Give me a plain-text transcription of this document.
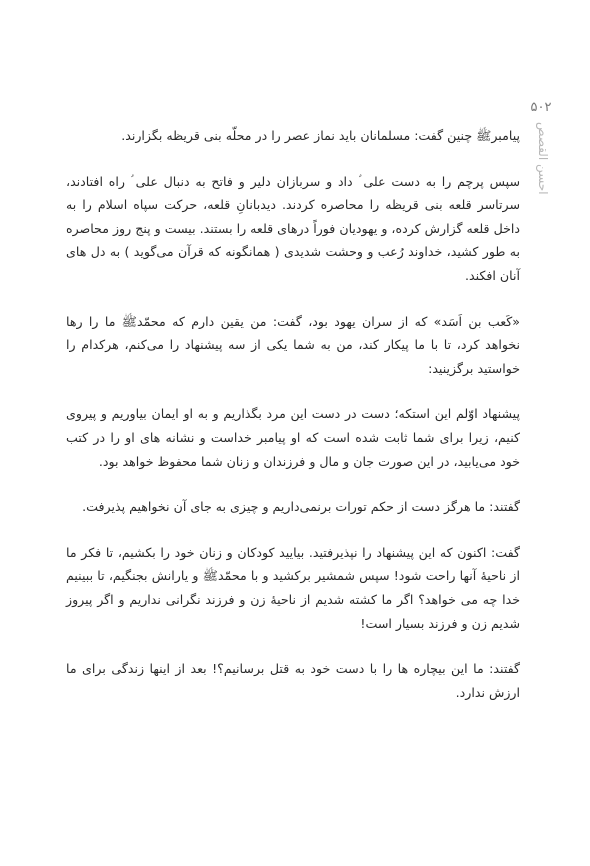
۵۰۲
احسن القصص

پیامبرﷺ چنین گفت: مسلمانان باید نماز عصر را در محلّه بنی قریظه بگزارند.

سپس پرچم را به دست علی ؑ داد و سربازان دلیر و فاتح به دنبال علی ؑ راه افتادند، سرتاسر قلعه بنی قریظه را محاصره کردند. دیدبانانِ قلعه، حرکت سپاه اسلام را به داخل قلعه گزارش کرده، و یهودیان فوراً درهای قلعه را بستند. بیست و پنج روز محاصره به طور کشید، خداوند رُعب و وحشت شدیدی ( همانگونه که قرآن می‌گوید ) به دل های آنان افکند.

«کَعب بن اَسَد» که از سران یهود بود، گفت: من یقین دارم که محمّدﷺ ما را رها نخواهد کرد، تا با ما پیکار کند، من به شما یکی از سه پیشنهاد را می‌کنم، هرکدام را خواستید برگزینید:

پیشنهاد اوّلم این استکه؛ دست در دست این مرد بگذاریم و به او ایمان بیاوریم و پیروی کنیم، زیرا برای شما ثابت شده است که او پیامبر خداست و نشانه های او را در کتب خود می‌یابید، در این صورت جان و مال و فرزندان و زنان شما محفوظ خواهد بود.

گفتند: ما هرگز دست از حکم تورات برنمی‌داریم و چیزی به جای آن نخواهیم پذیرفت.

گفت: اکنون که این پیشنهاد را نپذیرفتید. بیایید کودکان و زنان خود را بکشیم، تا فکر ما از ناحیهٔ آنها راحت شود! سپس شمشیر برکشید و با محمّدﷺ و یارانش بجنگیم، تا ببینیم خدا چه می خواهد؟ اگر ما کشته شدیم از ناحیهٔ زن و فرزند نگرانی نداریم و اگر پیروز شدیم زن و فرزند بسیار است!

گفتند: ما این بیچاره ها را با دست خود به قتل برسانیم؟! بعد از اینها زندگی برای ما ارزش ندارد.
